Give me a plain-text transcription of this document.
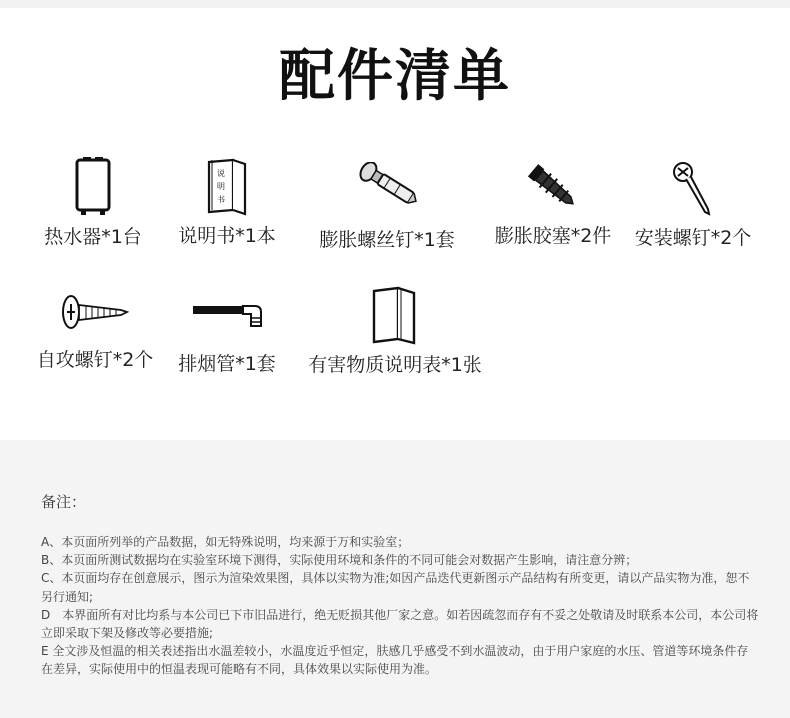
配件清单
热水器*1台
说
明
书
说明书*1本	膨胀螺丝钉*1套	膨胀胶塞*2件	安装螺钉*2个
自攻螺钉*2个	排烟管*1套	有害物质说明表*1张
备注：

A、本页面所列举的产品数据，如无特殊说明，均来源于万和实验室；

B、本页面所测试数据均在实验室环境下测得，实际使用环境和条件的不同可能会对数据产生影响，请注意分辨；

C、本页面均存在创意展示，图示为渲染效果图，具体以实物为准;如因产品迭代更新图示产品结构有所变更，请以产品实物为准，恕不另行通知;

D　本界面所有对比均系与本公司已下市旧品进行，绝无贬损其他厂家之意。如若因疏忽而存有不妥之处敬请及时联系本公司，本公司将立即采取下架及修改等必要措施;

E 全文涉及恒温的相关表述指出水温差较小，水温度近乎恒定，肤感几乎感受不到水温波动，由于用户家庭的水压、管道等环境条件存在差异，实际使用中的恒温表现可能略有不同，具体效果以实际使用为准。
